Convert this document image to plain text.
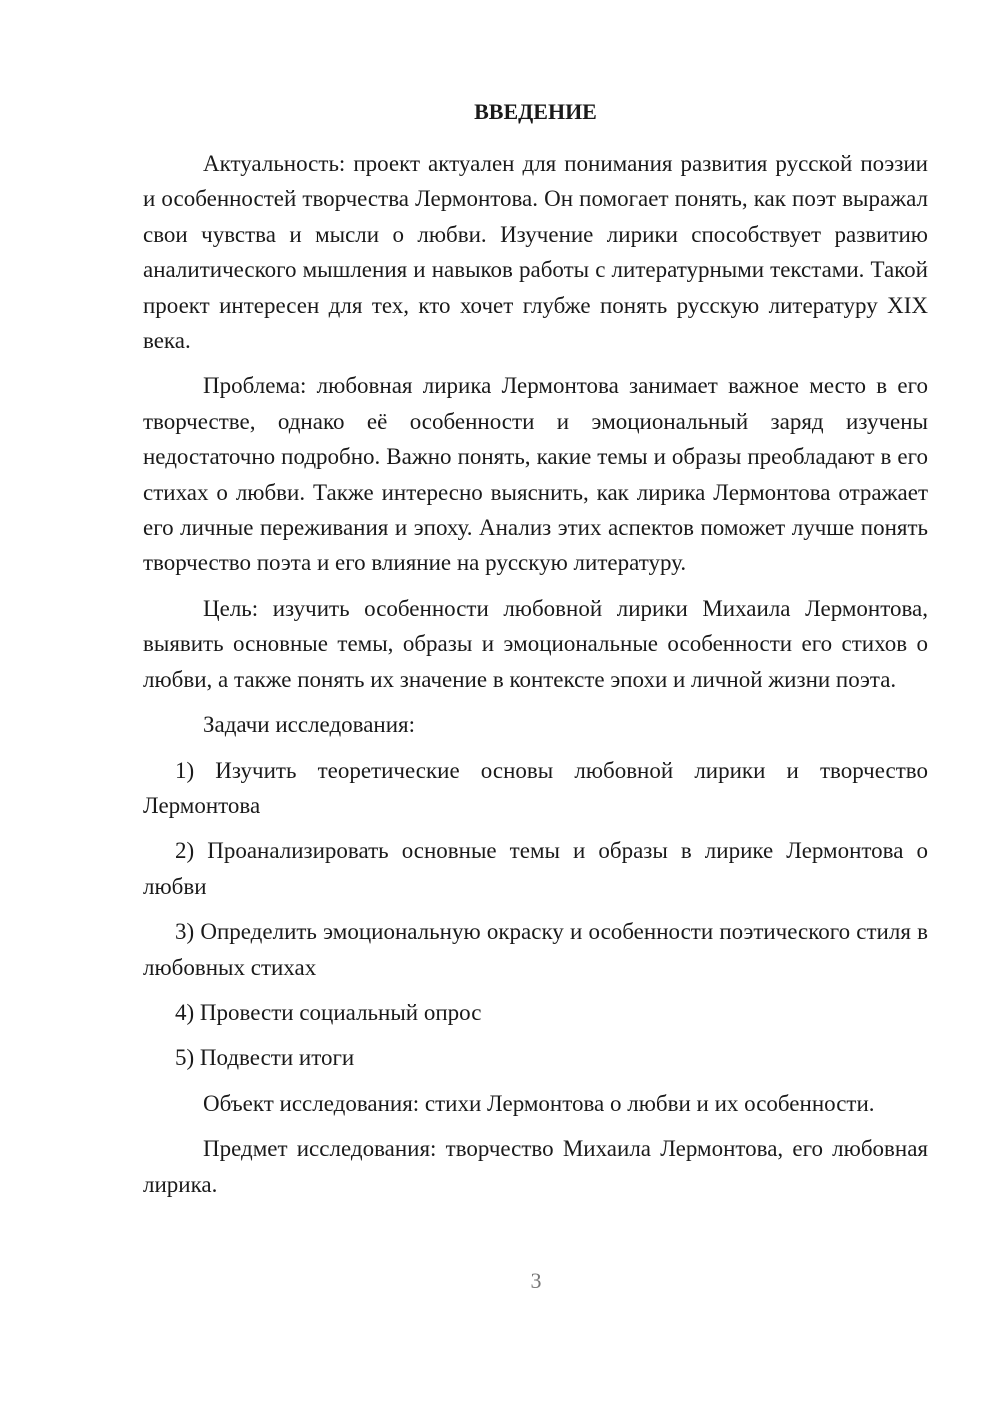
ВВЕДЕНИЕ

Актуальность: проект актуален для понимания развития русской поэзии и особенностей творчества Лермонтова. Он помогает понять, как поэт выражал свои чувства и мысли о любви. Изучение лирики способствует развитию аналитического мышления и навыков работы с литературными текстами. Такой проект интересен для тех, кто хочет глубже понять русскую литературу XIX века.

Проблема: любовная лирика Лермонтова занимает важное место в его творчестве, однако её особенности и эмоциональный заряд изучены недостаточно подробно. Важно понять, какие темы и образы преобладают в его стихах о любви. Также интересно выяснить, как лирика Лермонтова отражает его личные переживания и эпоху. Анализ этих аспектов поможет лучше понять творчество поэта и его влияние на русскую литературу.

Цель: изучить особенности любовной лирики Михаила Лермонтова, выявить основные темы, образы и эмоциональные особенности его стихов о любви, а также понять их значение в контексте эпохи и личной жизни поэта.

Задачи исследования:

1) Изучить теоретические основы любовной лирики и творчество Лермонтова

2) Проанализировать основные темы и образы в лирике Лермонтова о любви

3) Определить эмоциональную окраску и особенности поэтического стиля в любовных стихах

4) Провести социальный опрос

5) Подвести итоги

Объект исследования: стихи Лермонтова о любви и их особенности.

Предмет исследования: творчество Михаила Лермонтова, его любовная лирика.

3
